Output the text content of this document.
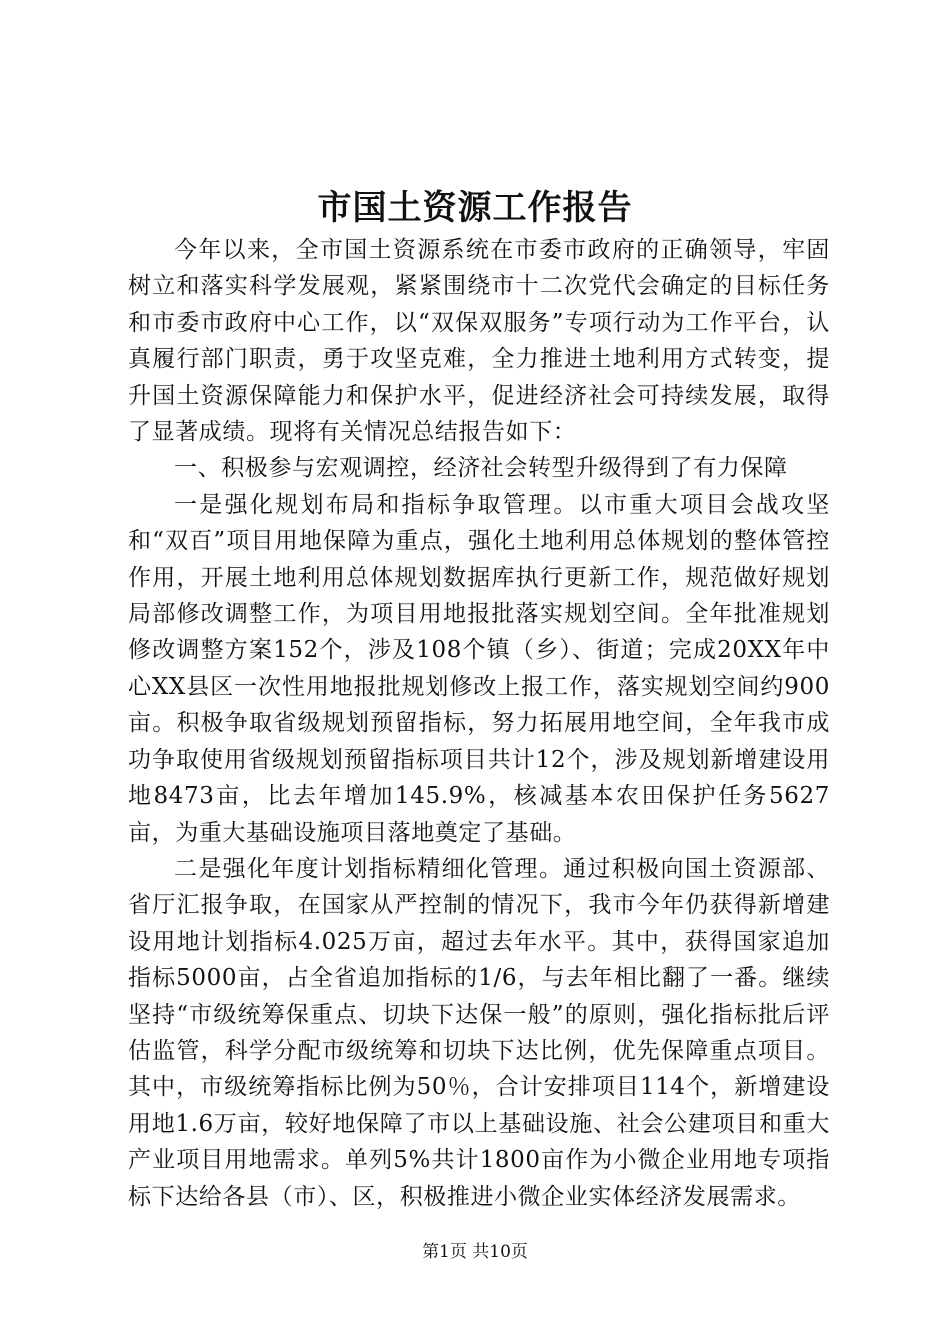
市国土资源工作报告

今年以来，全市国土资源系统在市委市政府的正确领导，牢固树立和落实科学发展观，紧紧围绕市十二次党代会确定的目标任务和市委市政府中心工作，以“双保双服务”专项行动为工作平台，认真履行部门职责，勇于攻坚克难，全力推进土地利用方式转变，提升国土资源保障能力和保护水平，促进经济社会可持续发展，取得了显著成绩。现将有关情况总结报告如下：

一、积极参与宏观调控，经济社会转型升级得到了有力保障

一是强化规划布局和指标争取管理。以市重大项目会战攻坚和“双百”项目用地保障为重点，强化土地利用总体规划的整体管控作用，开展土地利用总体规划数据库执行更新工作，规范做好规划局部修改调整工作，为项目用地报批落实规划空间。全年批准规划修改调整方案152个，涉及108个镇（乡）、街道；完成20XX年中心XX县区一次性用地报批规划修改上报工作，落实规划空间约900亩。积极争取省级规划预留指标，努力拓展用地空间，全年我市成功争取使用省级规划预留指标项目共计12个，涉及规划新增建设用地8473亩，比去年增加145.9%，核减基本农田保护任务5627亩，为重大基础设施项目落地奠定了基础。

二是强化年度计划指标精细化管理。通过积极向国土资源部、省厅汇报争取，在国家从严控制的情况下，我市今年仍获得新增建设用地计划指标4.025万亩，超过去年水平。其中，获得国家追加指标5000亩，占全省追加指标的1/6，与去年相比翻了一番。继续坚持“市级统筹保重点、切块下达保一般”的原则，强化指标批后评估监管，科学分配市级统筹和切块下达比例，优先保障重点项目。其中，市级统筹指标比例为50％，合计安排项目114个，新增建设用地1.6万亩，较好地保障了市以上基础设施、社会公建项目和重大产业项目用地需求。单列5%共计1800亩作为小微企业用地专项指标下达给各县（市）、区，积极推进小微企业实体经济发展需求。

第1页 共10页
